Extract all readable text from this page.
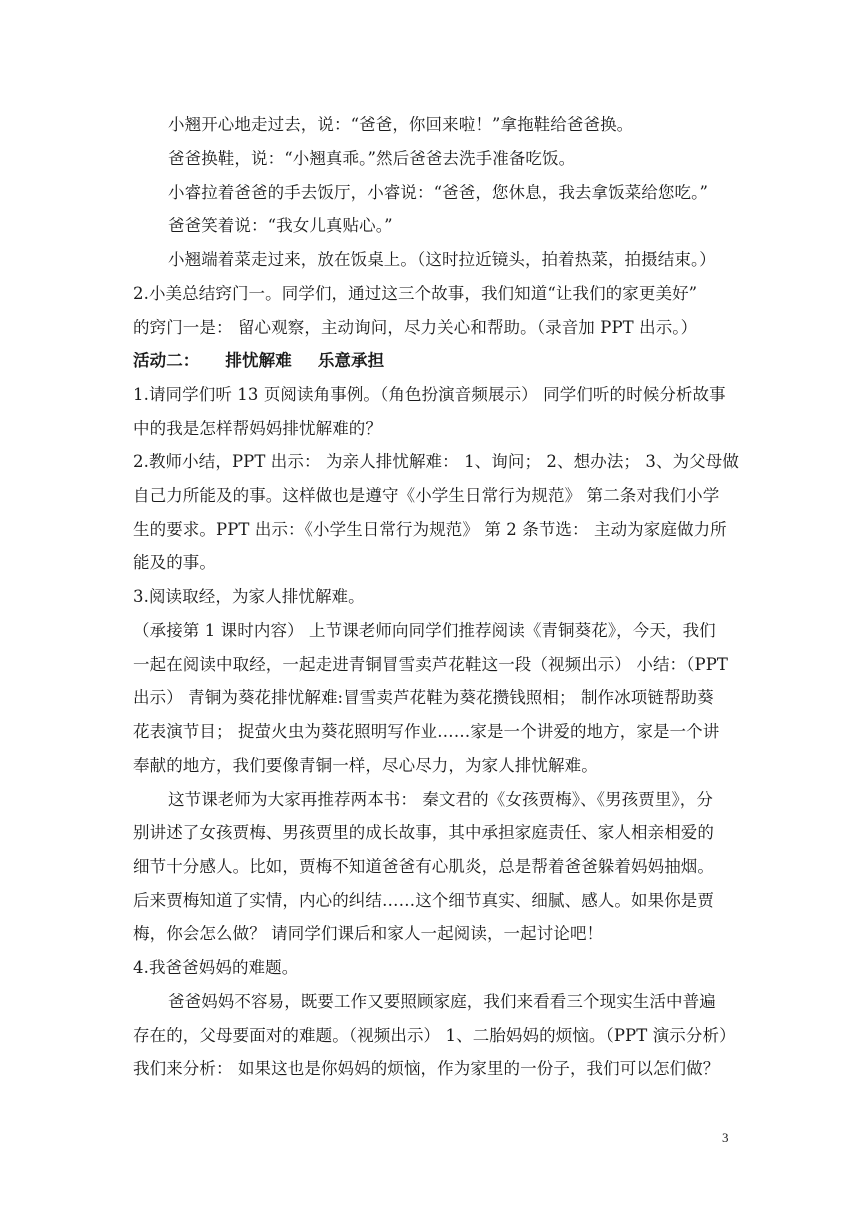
小翘开心地走过去，说：“爸爸，你回来啦！”拿拖鞋给爸爸换。
爸爸换鞋，说：“小翘真乖。”然后爸爸去洗手准备吃饭。
小睿拉着爸爸的手去饭厅，小睿说：“爸爸，您休息，我去拿饭菜给您吃。”
爸爸笑着说：“我女儿真贴心。”
小翘端着菜走过来，放在饭桌上。（这时拉近镜头，拍着热菜，拍摄结束。）
2.小美总结窍门一。同学们，通过这三个故事，我们知道“让我们的家更美好”
的窍门一是： 留心观察，主动询问，尽力关心和帮助。（录音加 PPT 出示。）
活动二： 排忧解难 乐意承担
1.请同学们听 13 页阅读角事例。（角色扮演音频展示） 同学们听的时候分析故事
中的我是怎样帮妈妈排忧解难的？
2.教师小结，PPT 出示： 为亲人排忧解难： 1、询问； 2、想办法； 3、为父母做
自己力所能及的事。这样做也是遵守《小学生日常行为规范》 第二条对我们小学
生的要求。PPT 出示：《小学生日常行为规范》 第 2 条节选： 主动为家庭做力所
能及的事。
3.阅读取经，为家人排忧解难。
（承接第 1 课时内容） 上节课老师向同学们推荐阅读《青铜葵花》，今天，我们
一起在阅读中取经，一起走进青铜冒雪卖芦花鞋这一段（视频出示） 小结：（PPT
出示） 青铜为葵花排忧解难:冒雪卖芦花鞋为葵花攒钱照相； 制作冰项链帮助葵
花表演节目； 捉萤火虫为葵花照明写作业……家是一个讲爱的地方，家是一个讲
奉献的地方，我们要像青铜一样，尽心尽力，为家人排忧解难。
这节课老师为大家再推荐两本书： 秦文君的《女孩贾梅》、《男孩贾里》，分
别讲述了女孩贾梅、男孩贾里的成长故事，其中承担家庭责任、家人相亲相爱的
细节十分感人。比如，贾梅不知道爸爸有心肌炎，总是帮着爸爸躲着妈妈抽烟。
后来贾梅知道了实情，内心的纠结……这个细节真实、细腻、感人。如果你是贾
梅，你会怎么做？ 请同学们课后和家人一起阅读，一起讨论吧！
4.我爸爸妈妈的难题。
爸爸妈妈不容易，既要工作又要照顾家庭，我们来看看三个现实生活中普遍
存在的，父母要面对的难题。（视频出示） 1、二胎妈妈的烦恼。（PPT 演示分析）
我们来分析： 如果这也是你妈妈的烦恼，作为家里的一份子，我们可以怎们做？
3
